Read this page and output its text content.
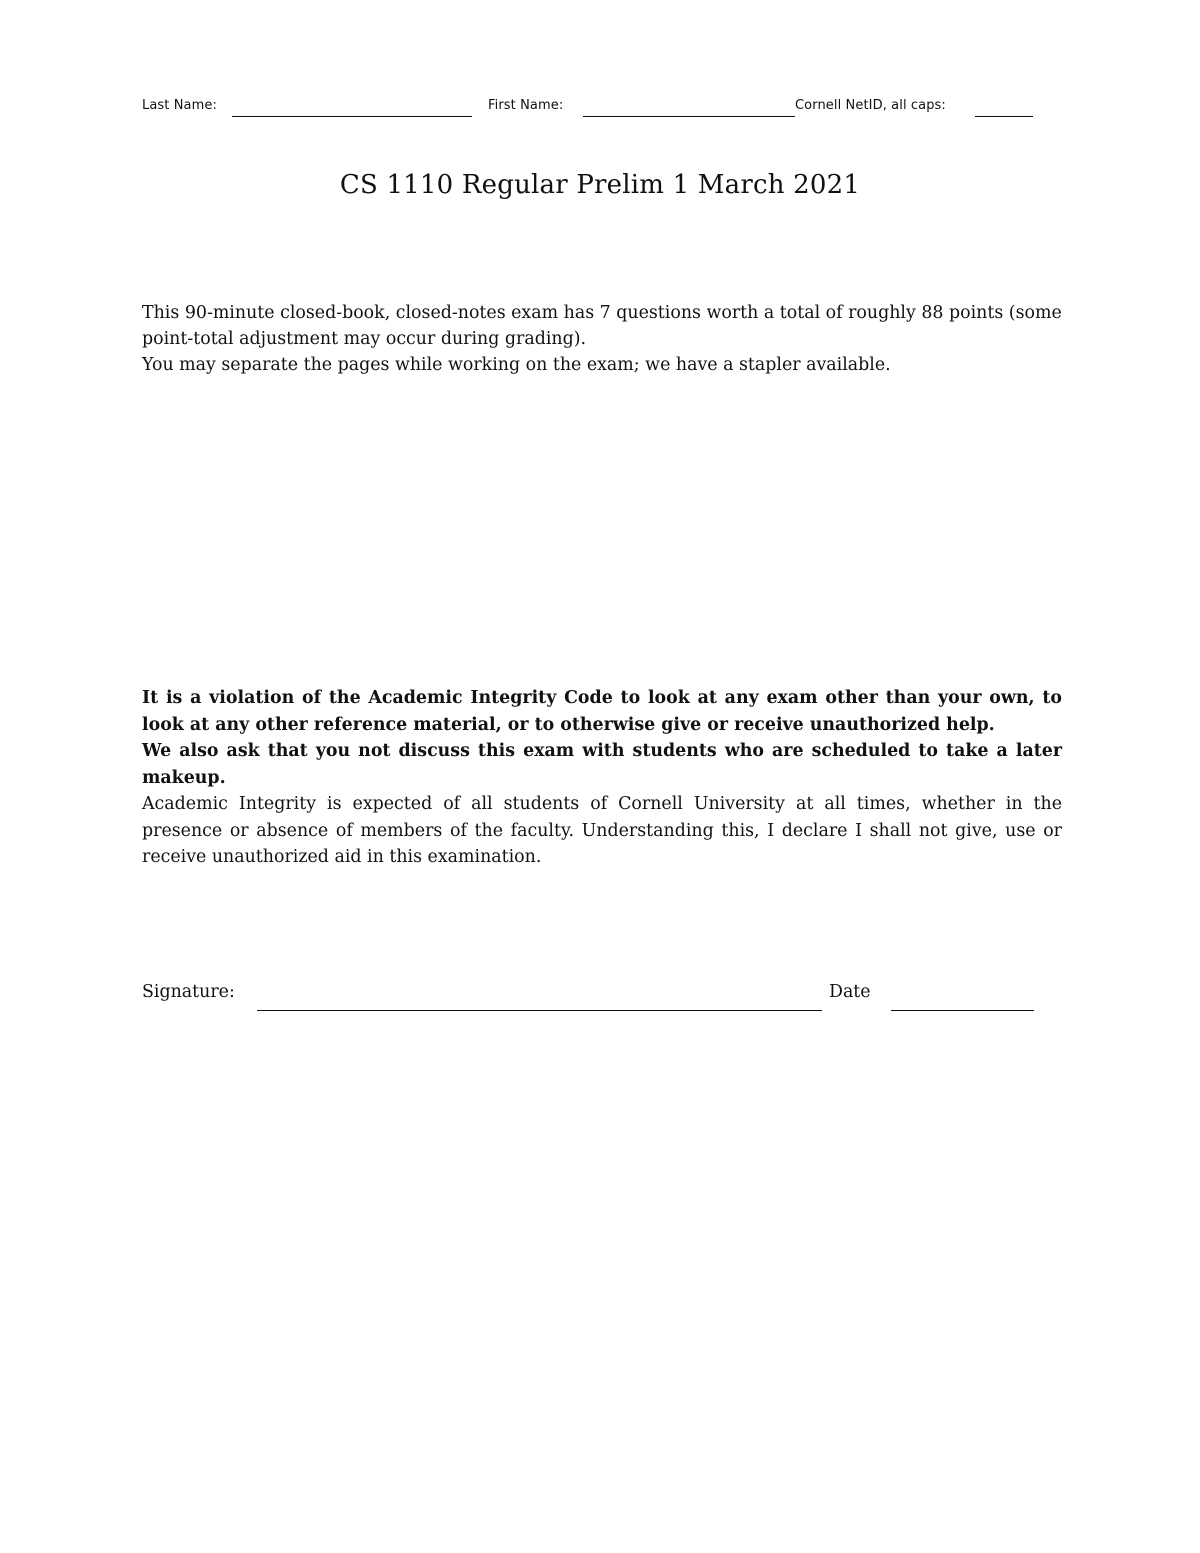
Last Name:	First Name:	Cornell NetID, all caps:
CS 1110 Regular Prelim 1 March 2021

This 90-minute closed-book, closed-notes exam has 7 questions worth a total of roughly 88 points (some point-total adjustment may occur during grading).

You may separate the pages while working on the exam; we have a stapler available.

It is a violation of the Academic Integrity Code to look at any exam other than your own, to look at any other reference material, or to otherwise give or receive unauthorized help.

We also ask that you not discuss this exam with students who are scheduled to take a later makeup.

Academic Integrity is expected of all students of Cornell University at all times, whether in the presence or absence of members of the faculty. Understanding this, I declare I shall not give, use or receive unauthorized aid in this examination.

Signature:	Date
